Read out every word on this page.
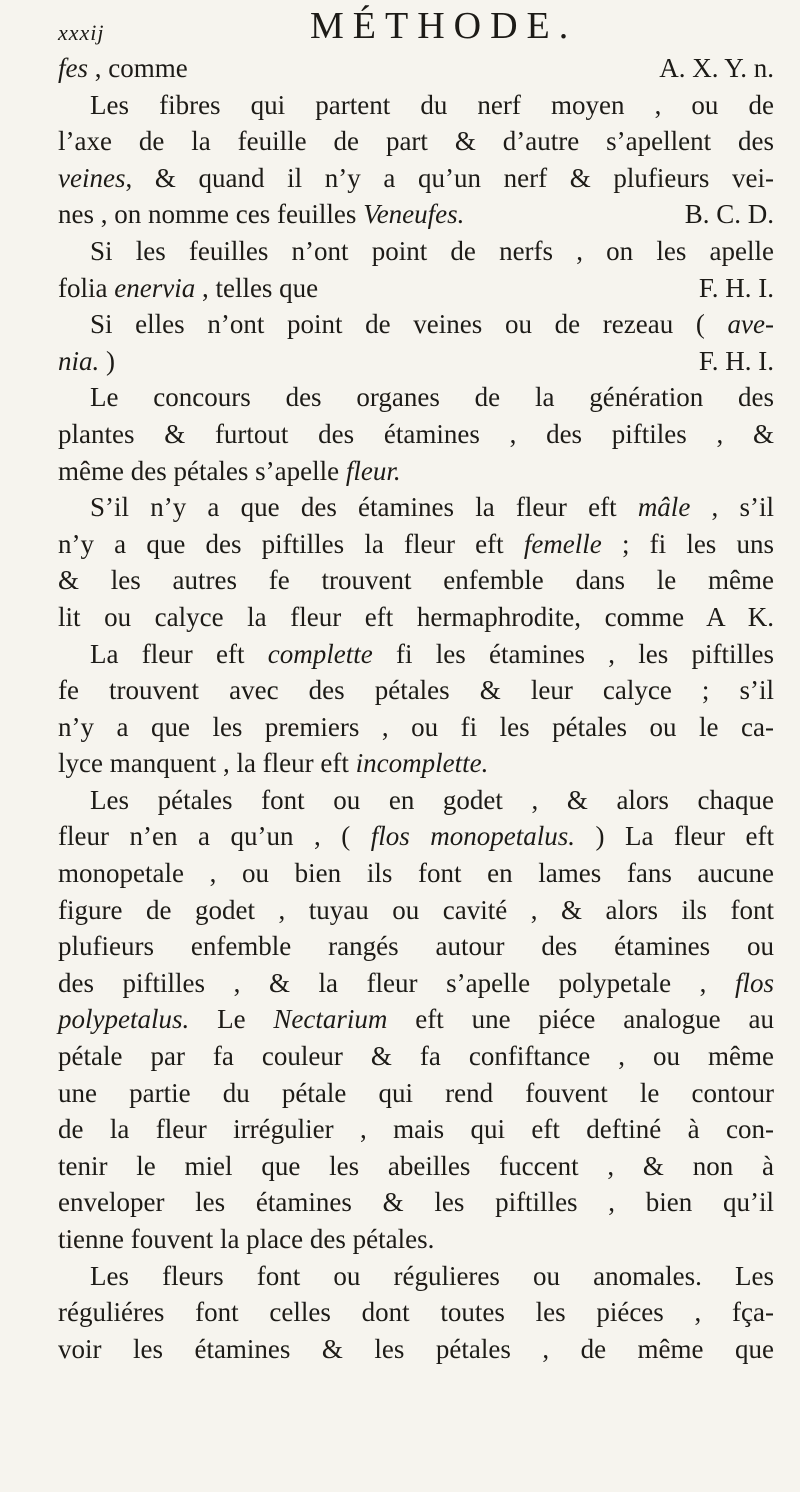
xxxij	MÉTHODE.
fes , comme	A. X. Y. n.
Les fibres qui partent du nerf moyen , ou de
l’axe de la feuille de part & d’autre s’apellent des
veines, & quand il n’y a qu’un nerf & plufieurs vei-
nes , on nomme ces feuilles Veneufes.	B. C. D.
Si les feuilles n’ont point de nerfs , on les apelle
folia enervia , telles que	F. H. I.
Si elles n’ont point de veines ou de rezeau ( ave-
nia. )	F. H. I.
Le concours des organes de la génération des
plantes & furtout des étamines , des piftiles , &
même des pétales s’apelle fleur.
S’il n’y a que des étamines la fleur eft mâle , s’il
n’y a que des piftilles la fleur eft femelle ; fi les uns
& les autres fe trouvent enfemble dans le même
lit ou calyce la fleur eft hermaphrodite, comme A K.
La fleur eft complette fi les étamines , les piftilles
fe trouvent avec des pétales & leur calyce ; s’il
n’y a que les premiers , ou fi les pétales ou le ca-
lyce manquent , la fleur eft incomplette.
Les pétales font ou en godet , & alors chaque
fleur n’en a qu’un , ( flos monopetalus. ) La fleur eft
monopetale , ou bien ils font en lames fans aucune
figure de godet , tuyau ou cavité , & alors ils font
plufieurs enfemble rangés autour des étamines ou
des piftilles , & la fleur s’apelle polypetale , flos
polypetalus. Le Nectarium eft une piéce analogue au
pétale par fa couleur & fa confiftance , ou même
une partie du pétale qui rend fouvent le contour
de la fleur irrégulier , mais qui eft deftiné à con-
tenir le miel que les abeilles fuccent , & non à
enveloper les étamines & les piftilles , bien qu’il
tienne fouvent la place des pétales.
Les fleurs font ou régulieres ou anomales. Les
réguliéres font celles dont toutes les piéces , fça-
voir les étamines & les pétales , de même que
